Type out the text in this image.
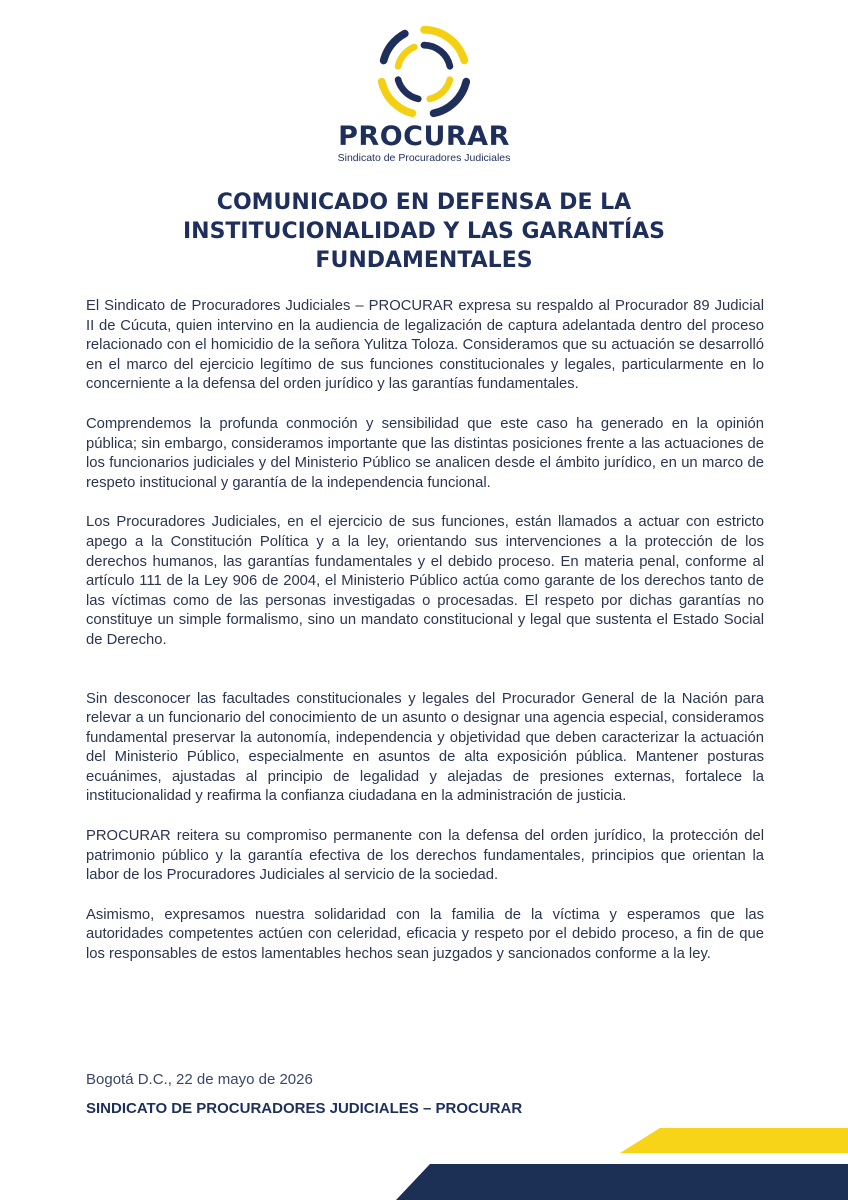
PROCURAR
Sindicato de Procuradores Judiciales
COMUNICADO EN DEFENSA DE LA INSTITUCIONALIDAD Y LAS GARANTÍAS FUNDAMENTALES

El Sindicato de Procuradores Judiciales – PROCURAR expresa su respaldo al Procurador 89 Judicial II de Cúcuta, quien intervino en la audiencia de legalización de captura adelantada dentro del proceso relacionado con el homicidio de la señora Yulitza Toloza. Consideramos que su actuación se desarrolló en el marco del ejercicio legítimo de sus funciones constitucionales y legales, particularmente en lo concerniente a la defensa del orden jurídico y las garantías fundamentales.

Comprendemos la profunda conmoción y sensibilidad que este caso ha generado en la opinión pública; sin embargo, consideramos importante que las distintas posiciones frente a las actuaciones de los funcionarios judiciales y del Ministerio Público se analicen desde el ámbito jurídico, en un marco de respeto institucional y garantía de la independencia funcional.

Los Procuradores Judiciales, en el ejercicio de sus funciones, están llamados a actuar con estricto apego a la Constitución Política y a la ley, orientando sus intervenciones a la protección de los derechos humanos, las garantías fundamentales y el debido proceso. En materia penal, conforme al artículo 111 de la Ley 906 de 2004, el Ministerio Público actúa como garante de los derechos tanto de las víctimas como de las personas investigadas o procesadas. El respeto por dichas garantías no constituye un simple formalismo, sino un mandato constitucional y legal que sustenta el Estado Social de Derecho.

Sin desconocer las facultades constitucionales y legales del Procurador General de la Nación para relevar a un funcionario del conocimiento de un asunto o designar una agencia especial, consideramos fundamental preservar la autonomía, independencia y objetividad que deben caracterizar la actuación del Ministerio Público, especialmente en asuntos de alta exposición pública. Mantener posturas ecuánimes, ajustadas al principio de legalidad y alejadas de presiones externas, fortalece la institucionalidad y reafirma la confianza ciudadana en la administración de justicia.

PROCURAR reitera su compromiso permanente con la defensa del orden jurídico, la protección del patrimonio público y la garantía efectiva de los derechos fundamentales, principios que orientan la labor de los Procuradores Judiciales al servicio de la sociedad.

Asimismo, expresamos nuestra solidaridad con la familia de la víctima y esperamos que las autoridades competentes actúen con celeridad, eficacia y respeto por el debido proceso, a fin de que los responsables de estos lamentables hechos sean juzgados y sancionados conforme a la ley.

Bogotá D.C., 22 de mayo de 2026
SINDICATO DE PROCURADORES JUDICIALES – PROCURAR
